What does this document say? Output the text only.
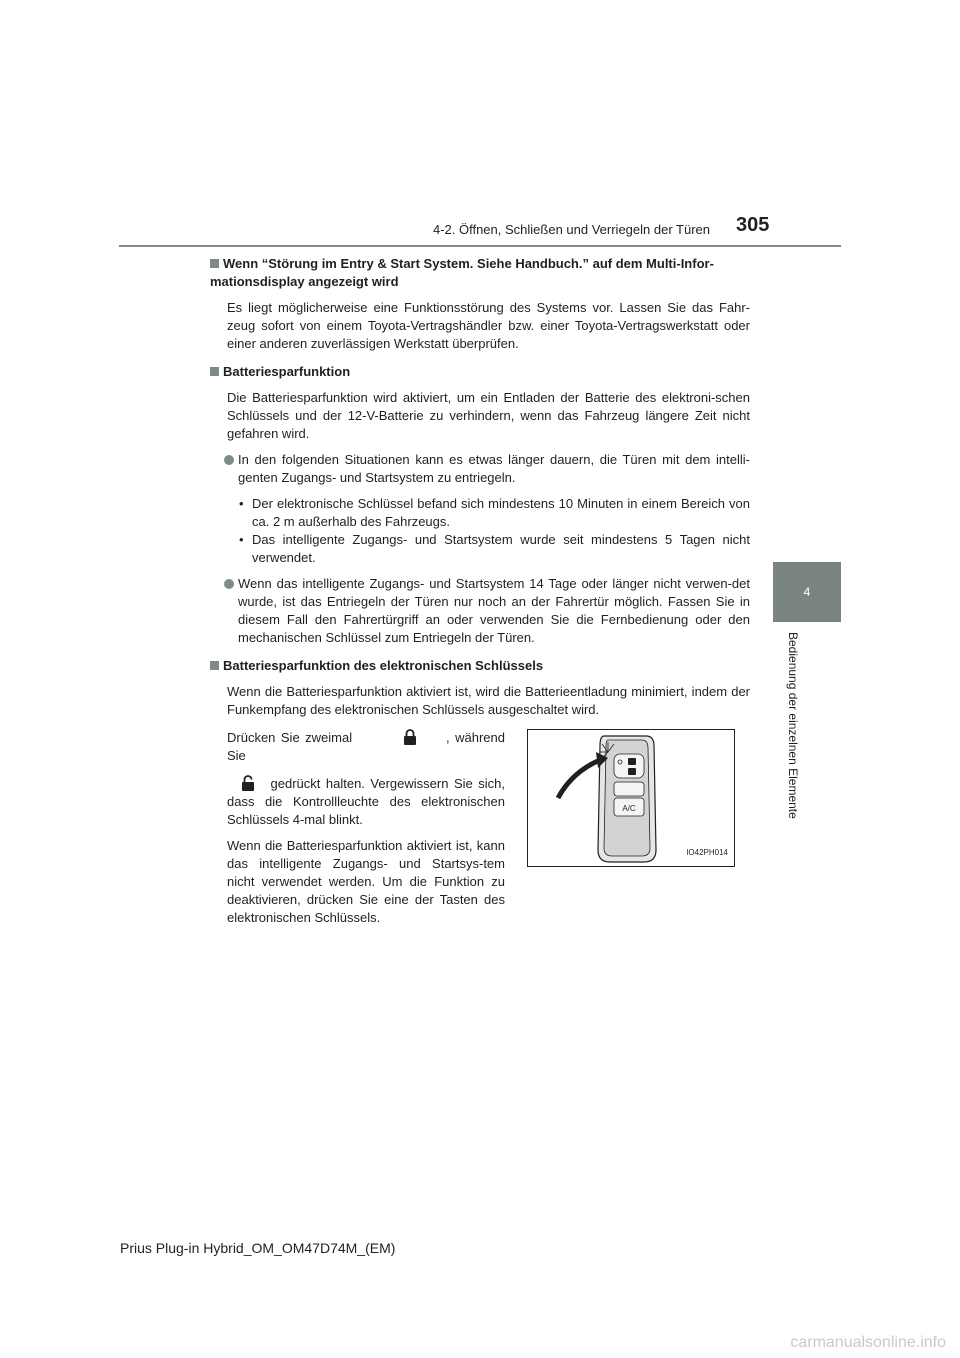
4-2. Öffnen, Schließen und Verriegeln der Türen 305
4
Bedienung der einzelnen Elemente

Wenn “Störung im Entry & Start System. Siehe Handbuch.” auf dem Multi-Infor-mationsdisplay angezeigt wird

Es liegt möglicherweise eine Funktionsstörung des Systems vor. Lassen Sie das Fahr-zeug sofort von einem Toyota-Vertragshändler bzw. einer Toyota-Vertragswerkstatt oder einer anderen zuverlässigen Werkstatt überprüfen.

Batteriesparfunktion

Die Batteriesparfunktion wird aktiviert, um ein Entladen der Batterie des elektroni-schen Schlüssels und der 12-V-Batterie zu verhindern, wenn das Fahrzeug längere Zeit nicht gefahren wird.

In den folgenden Situationen kann es etwas länger dauern, die Türen mit dem intelli-genten Zugangs- und Startsystem zu entriegeln.

• Der elektronische Schlüssel befand sich mindestens 10 Minuten in einem Bereich von ca. 2 m außerhalb des Fahrzeugs.

• Das intelligente Zugangs- und Startsystem wurde seit mindestens 5 Tagen nicht verwendet.

Wenn das intelligente Zugangs- und Startsystem 14 Tage oder länger nicht verwen-det wurde, ist das Entriegeln der Türen nur noch an der Fahrertür möglich. Fassen Sie in diesem Fall den Fahrertürgriff an oder verwenden Sie die Fernbedienung oder den mechanischen Schlüssel zum Entriegeln der Türen.

Batteriesparfunktion des elektronischen Schlüssels

Wenn die Batteriesparfunktion aktiviert ist, wird die Batterieentladung minimiert, indem der Funkempfang des elektronischen Schlüssels ausgeschaltet wird.

Drücken Sie zweimal	, während Sie

gedrückt halten. Vergewissern Sie sich, dass die Kontrollleuchte des elektronischen Schlüssels 4-mal blinkt.

Wenn die Batteriesparfunktion aktiviert ist, kann das intelligente Zugangs- und Startsys-tem nicht verwendet werden. Um die Funktion zu deaktivieren, drücken Sie eine der Tasten des elektronischen Schlüssels.

A/C
IO42PH014
Prius Plug-in Hybrid_OM_OM47D74M_(EM)
carmanualsonline.info
